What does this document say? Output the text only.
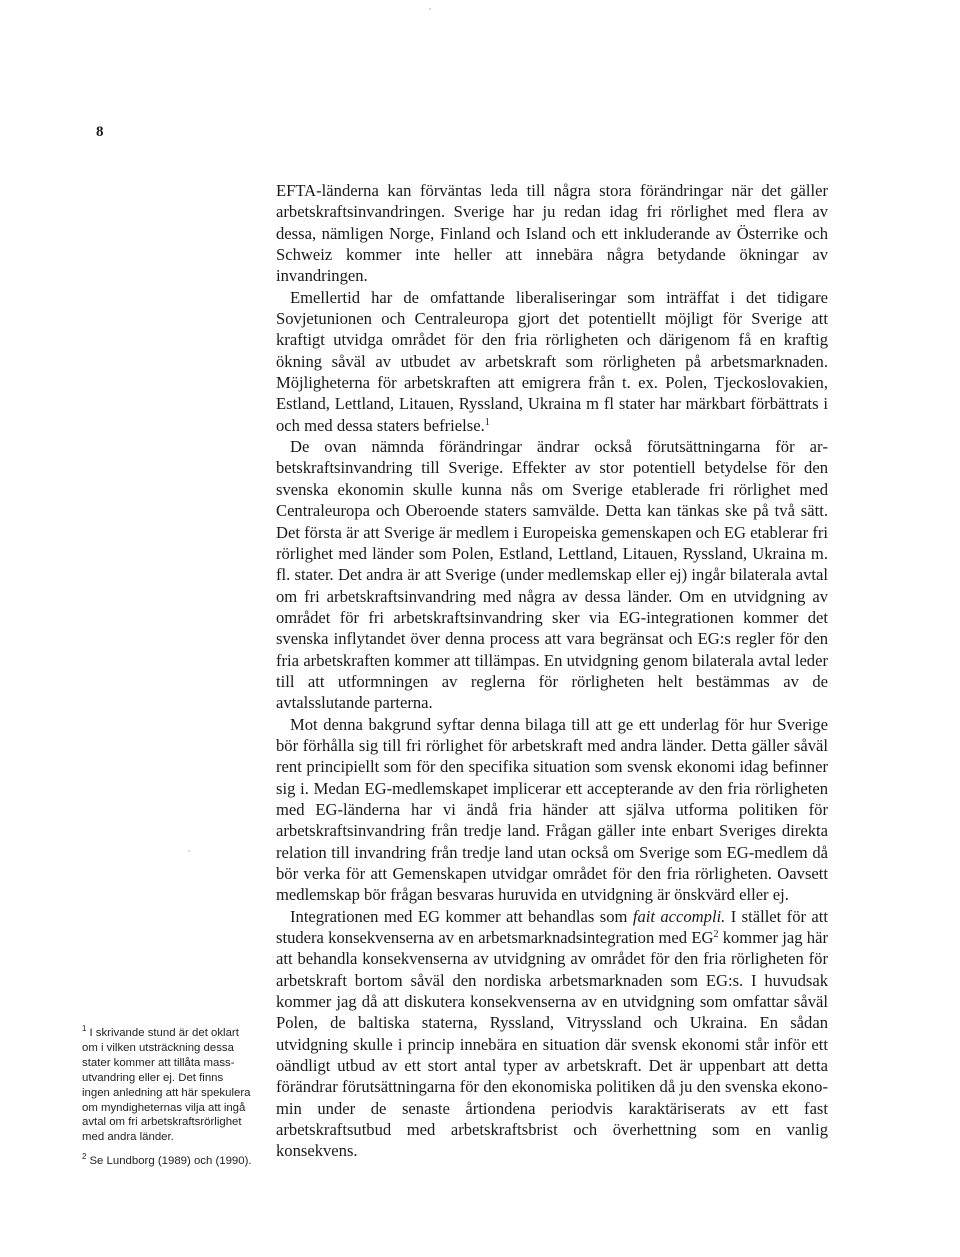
8

EFTA-länderna kan förväntas leda till några stora förändringar när det gäller arbetskraftsinvandringen. Sverige har ju redan idag fri rörlighet med flera av dessa, nämligen Norge, Finland och Island och ett inkluderande av Österrike och Schweiz kommer inte heller att innebära några betydande ökningar av invandringen.

Emellertid har de omfattande liberaliseringar som inträffat i det tidigare Sovjetunionen och Centraleuropa gjort det potentiellt möjligt för Sverige att kraftigt utvidga området för den fria rörligheten och därigenom få en kraftig ökning såväl av utbudet av arbetskraft som rörligheten på arbetsmarknaden. Möjligheterna för arbetskraften att emigrera från t. ex. Polen, Tjeckoslovakien, Estland, Lettland, Litauen, Ryssland, Ukraina m fl stater har märkbart förbättrats i och med dessa staters befrielse.$^1$

De ovan nämnda förändringar ändrar också förutsättningarna för arbetskraftsinvandring till Sverige. Effekter av stor potentiell betydelse för den svenska ekonomin skulle kunna nås om Sverige etablerade fri rörlighet med Centraleuropa och Oberoende staters samvälde. Detta kan tänkas ske på två sätt. Det första är att Sverige är medlem i Europeiska gemenskapen och EG etablerar fri rörlighet med länder som Polen, Estland, Lettland, Litauen, Ryssland, Ukraina m. fl. stater. Det andra är att Sverige (under medlemskap eller ej) ingår bilaterala avtal om fri arbetskraftsinvandring med några av dessa länder. Om en utvidgning av området för fri arbetskraftsinvandring sker via EG-integrationen kommer det svenska inflytandet över denna process att vara begränsat och EG:s regler för den fria arbetskraften kommer att tillämpas. En utvidgning genom bilaterala avtal leder till att utformningen av reglerna för rörligheten helt bestämmas av de avtalsslutande parterna.

Mot denna bakgrund syftar denna bilaga till att ge ett underlag för hur Sverige bör förhålla sig till fri rörlighet för arbetskraft med andra länder. Detta gäller såväl rent principiellt som för den specifika situation som svensk ekonomi idag befinner sig i. Medan EG-medlemskapet implicerar ett accepterande av den fria rörligheten med EG-länderna har vi ändå fria händer att själva utforma politiken för arbetskraftsinvandring från tredje land. Frågan gäller inte enbart Sveriges direkta relation till invandring från tredje land utan också om Sverige som EG-medlem då bör verka för att Gemenskapen utvidgar området för den fria rörligheten. Oavsett medlemskap bör frågan besvaras huruvida en utvidgning är önskvärd eller ej.

Integrationen med EG kommer att behandlas som fait accompli. I stället för att studera konsekvenserna av en arbetsmarknadsintegration med $EG^2$ kommer jag här att behandla konsekvenserna av utvidgning av området för den fria rörligheten för arbetskraft bortom såväl den nordiska arbetsmarknaden som EG:s. I huvudsak kommer jag då att diskutera konsekvenserna av en utvidgning som omfattar såväl Polen, de baltiska staterna, Ryssland, Vitryssland och Ukraina. En sådan utvidgning skulle i princip innebära en situation där svensk ekonomi står inför ett oändligt utbud av ett stort antal typer av arbetskraft. Det är uppenbart att detta förändrar förutsättningarna för den ekonomiska politiken då ju den svenska ekonomin under de senaste årtiondena periodvis karaktäriserats av ett fast arbetskraftsutbud med arbetskraftsbrist och överhettning som en vanlig konsekvens.

$^1$ I skrivande stund är det oklart om i vilken utsträckning dessa stater kommer att tillåta massutvandring eller ej. Det finns ingen anledning att här spekulera om myndigheternas vilja att ingå avtal om fri arbetskraftsrörlighet med andra länder.

$^2$ Se Lundborg (1989) och (1990).
